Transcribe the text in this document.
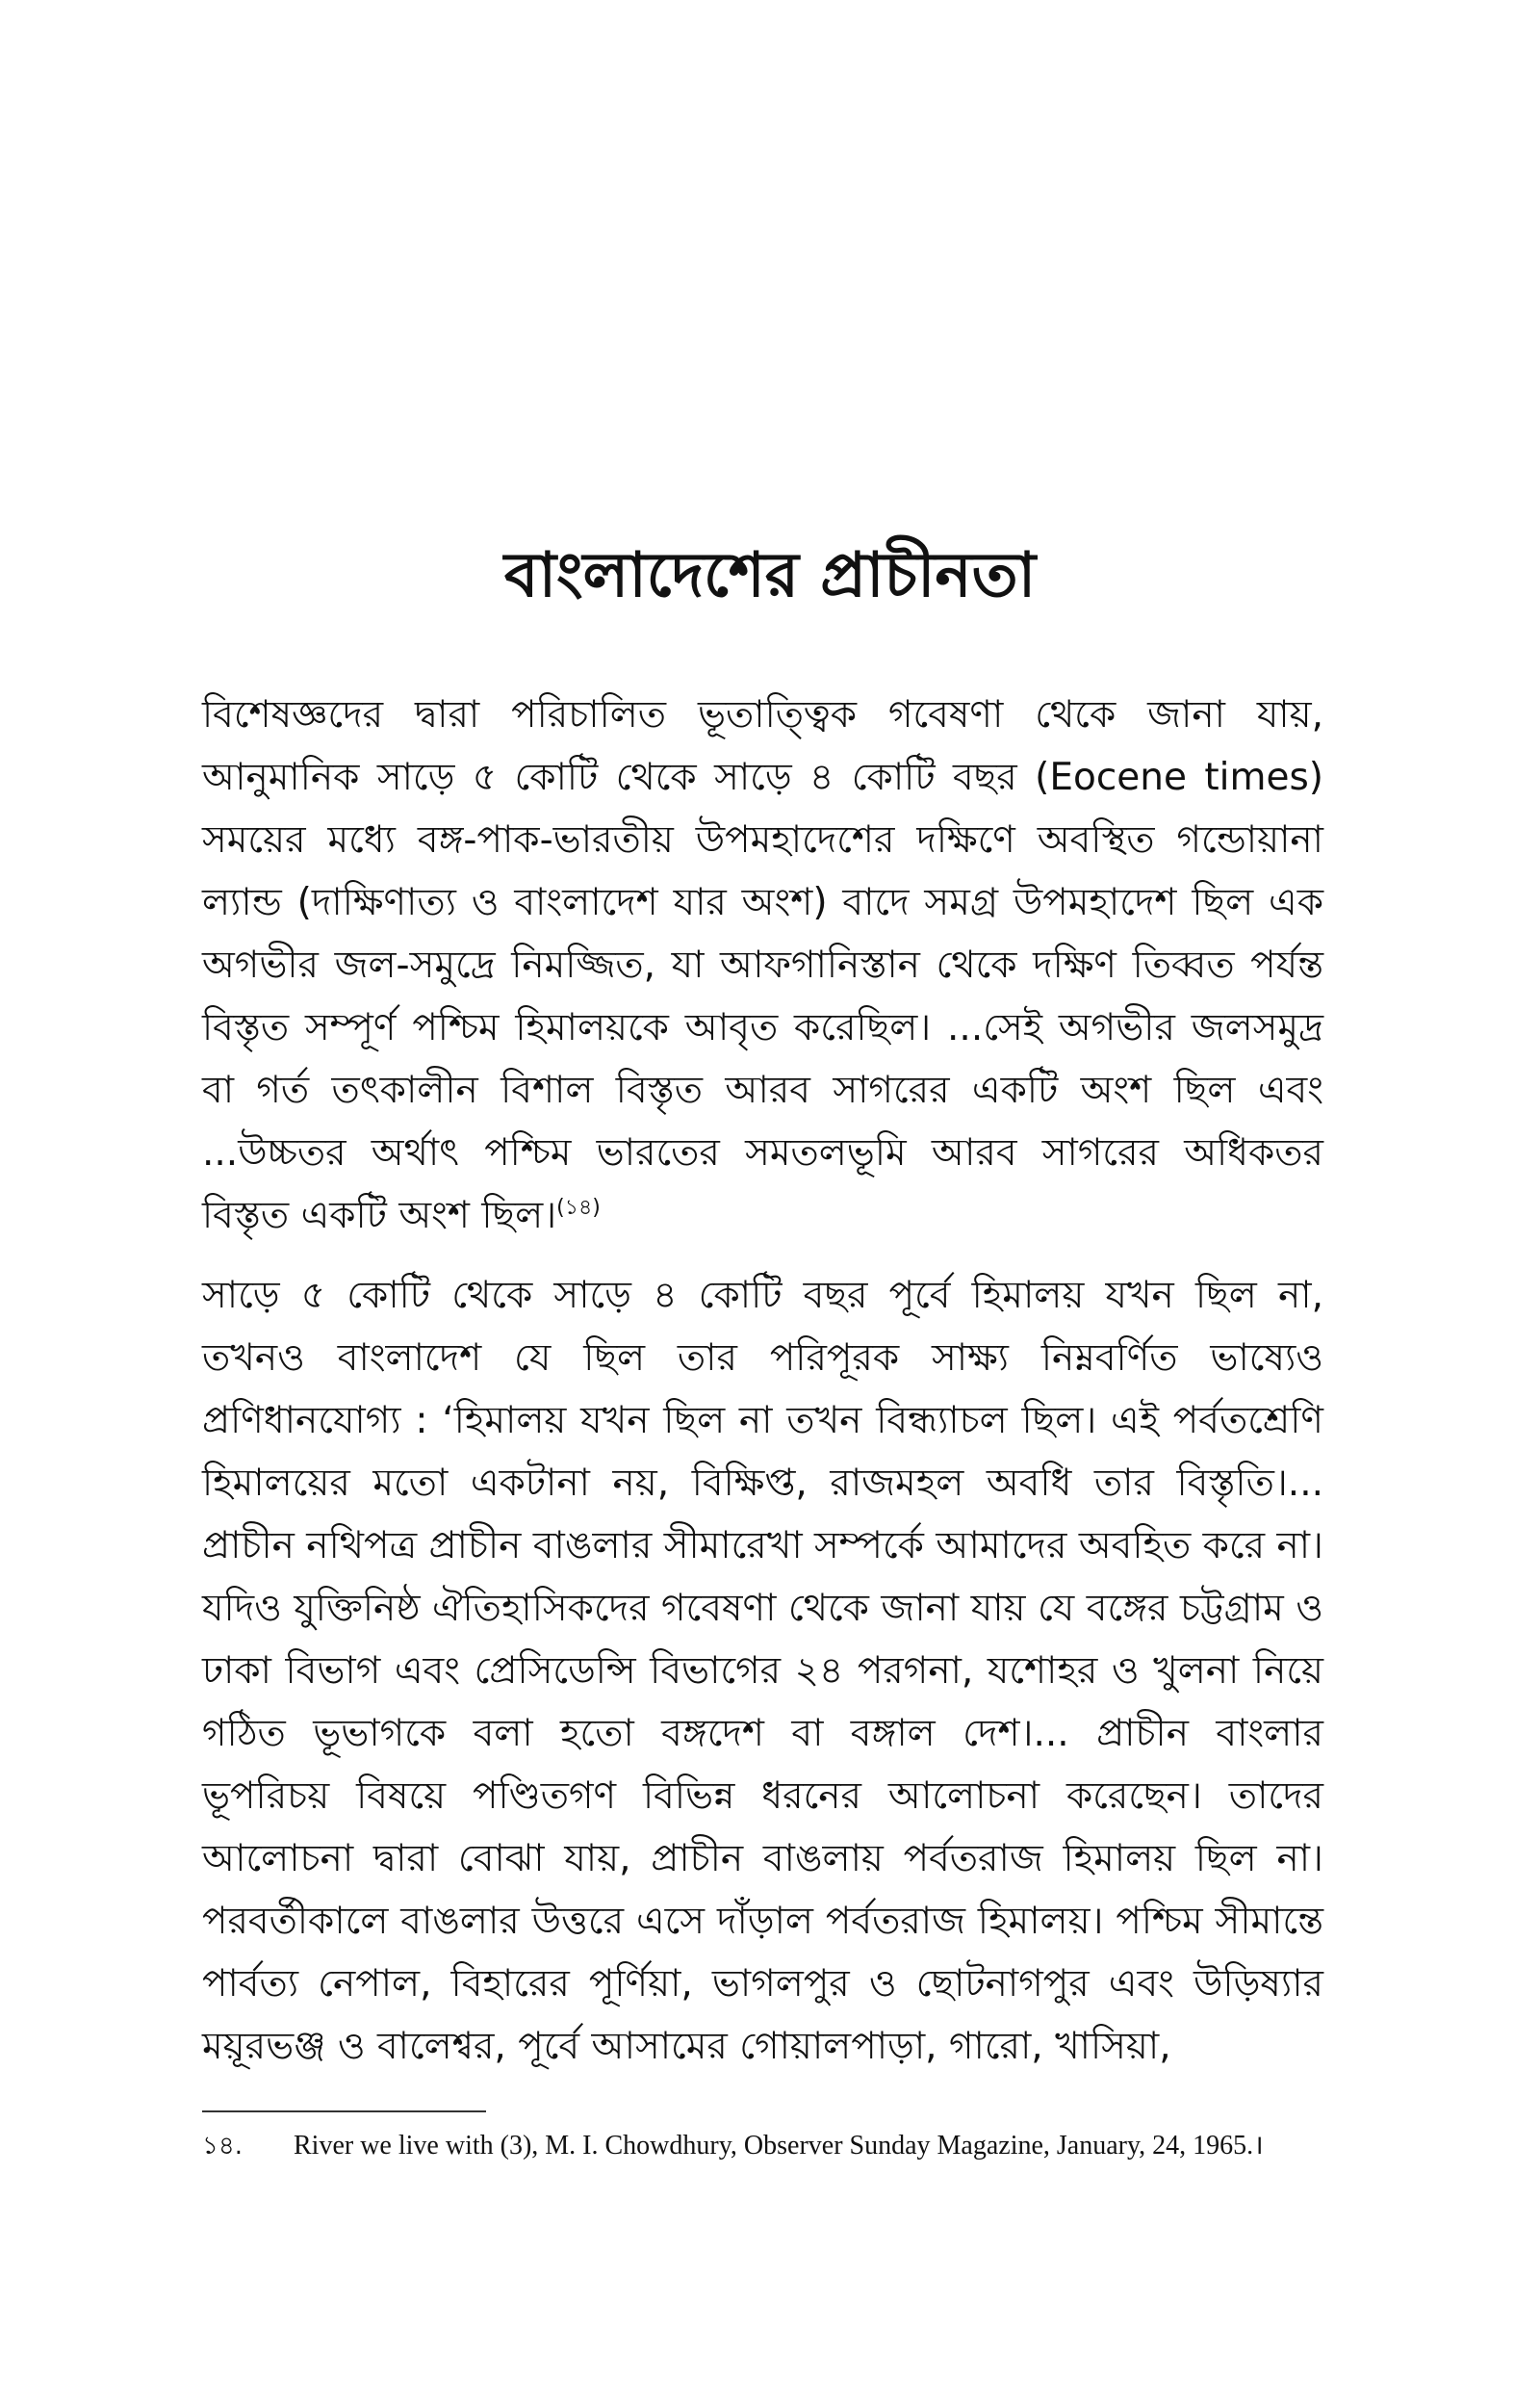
বাংলাদেশের প্রাচীনতা

বিশেষজ্ঞদের দ্বারা পরিচালিত ভূতাত্ত্বিক গবেষণা থেকে জানা যায়, আনুমানিক সাড়ে ৫ কোটি থেকে সাড়ে ৪ কোটি বছর (Eocene times) সময়ের মধ্যে বঙ্গ-পাক-ভারতীয় উপমহাদেশের দক্ষিণে অবস্থিত গন্ডোয়ানা ল্যান্ড (দাক্ষিণাত্য ও বাংলাদেশ যার অংশ) বাদে সমগ্র উপমহাদেশ ছিল এক অগভীর জল-সমুদ্রে নিমজ্জিত, যা আফগানিস্তান থেকে দক্ষিণ তিব্বত পর্যন্ত বিস্তৃত সম্পূর্ণ পশ্চিম হিমালয়কে আবৃত করেছিল। ...সেই অগভীর জলসমুদ্র বা গর্ত তৎকালীন বিশাল বিস্তৃত আরব সাগরের একটি অংশ ছিল এবং ...উচ্চতর অর্থাৎ পশ্চিম ভারতের সমতলভূমি আরব সাগরের অধিকতর বিস্তৃত একটি অংশ ছিল।$^{(১৪)}$

সাড়ে ৫ কোটি থেকে সাড়ে ৪ কোটি বছর পূর্বে হিমালয় যখন ছিল না, তখনও বাংলাদেশ যে ছিল তার পরিপূরক সাক্ষ্য নিম্নবর্ণিত ভাষ্যেও প্রণিধানযোগ্য : ‘হিমালয় যখন ছিল না তখন বিন্ধ্যাচল ছিল। এই পর্বতশ্রেণি হিমালয়ের মতো একটানা নয়, বিক্ষিপ্ত, রাজমহল অবধি তার বিস্তৃতি।... প্রাচীন নথিপত্র প্রাচীন বাঙলার সীমারেখা সম্পর্কে আমাদের অবহিত করে না। যদিও যুক্তিনিষ্ঠ ঐতিহাসিকদের গবেষণা থেকে জানা যায় যে বঙ্গের চট্টগ্রাম ও ঢাকা বিভাগ এবং প্রেসিডেন্সি বিভাগের ২৪ পরগনা, যশোহর ও খুলনা নিয়ে গঠিত ভূভাগকে বলা হতো বঙ্গদেশ বা বঙ্গাল দেশ।... প্রাচীন বাংলার ভূপরিচয় বিষয়ে পণ্ডিতগণ বিভিন্ন ধরনের আলোচনা করেছেন। তাদের আলোচনা দ্বারা বোঝা যায়, প্রাচীন বাঙলায় পর্বতরাজ হিমালয় ছিল না। পরবর্তীকালে বাঙলার উত্তরে এসে দাঁড়াল পর্বতরাজ হিমালয়। পশ্চিম সীমান্তে পার্বত্য নেপাল, বিহারের পূর্ণিয়া, ভাগলপুর ও ছোটনাগপুর এবং উড়িষ্যার ময়ূরভঞ্জ ও বালেশ্বর, পূর্বে আসামের গোয়ালপাড়া, গারো, খাসিয়া,

১৪.	River we live with (3), M. I. Chowdhury, Observer Sunday Magazine, January, 24, 1965.।
